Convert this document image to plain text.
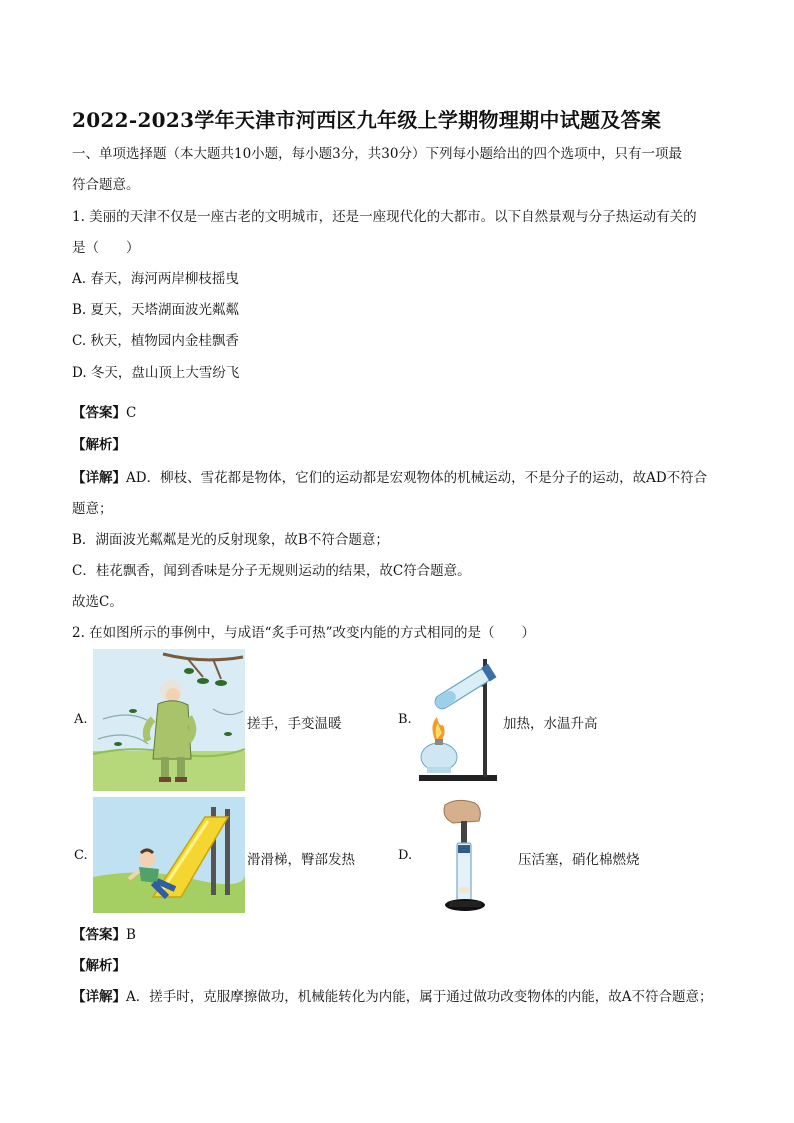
2022-2023学年天津市河西区九年级上学期物理期中试题及答案
一、单项选择题（本大题共10小题，每小题3分，共30分）下列每小题给出的四个选项中，只有一项最
符合题意。
1. 美丽的天津不仅是一座古老的文明城市，还是一座现代化的大都市。以下自然景观与分子热运动有关的
是（　　）
A. 春天，海河两岸柳枝摇曳
B. 夏天，天塔湖面波光粼粼
C. 秋天，植物园内金桂飘香
D. 冬天，盘山顶上大雪纷飞
【答案】C
【解析】
【详解】AD．柳枝、雪花都是物体，它们的运动都是宏观物体的机械运动，不是分子的运动，故AD不符合
题意；
B．湖面波光粼粼是光的反射现象，故B不符合题意；
C．桂花飘香，闻到香味是分子无规则运动的结果，故C符合题意。
故选C。
2. 在如图所示的事例中，与成语“炙手可热”改变内能的方式相同的是（　　）
A.	搓手，手变温暖	B.	加热，水温升高
C.	滑滑梯，臀部发热	D.	压活塞，硝化棉燃烧
【答案】B
【解析】
【详解】A．搓手时，克服摩擦做功，机械能转化为内能，属于通过做功改变物体的内能，故A不符合题意；
